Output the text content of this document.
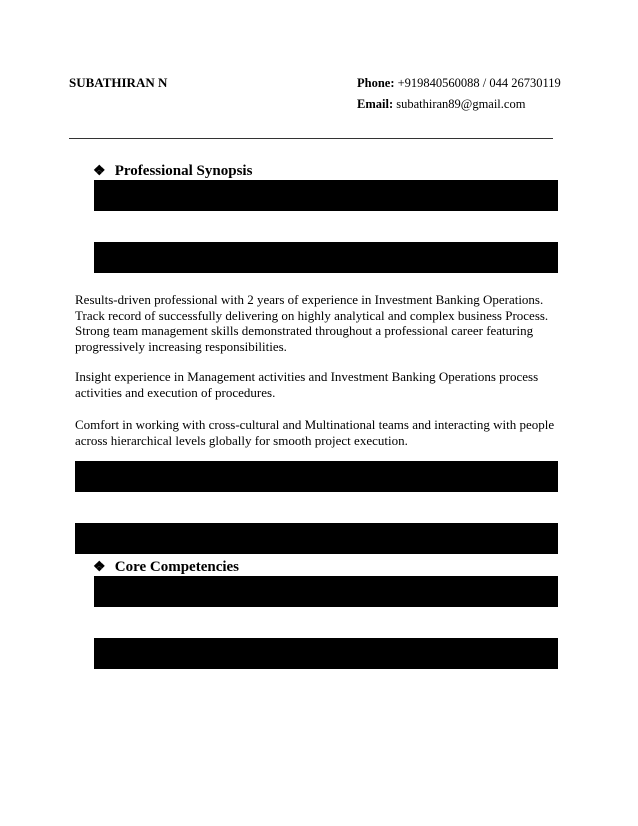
SUBATHIRAN N	Phone: +919840560088 / 044 26730119
Email: subathiran89@gmail.com
❖ Professional Synopsis
Results-driven professional with 2 years of experience in Investment Banking Operations. Track record of successfully delivering on highly analytical and complex business Process. Strong team management skills demonstrated throughout a professional career featuring progressively increasing responsibilities.
Insight experience in Management activities and Investment Banking Operations process activities and execution of procedures.
Comfort in working with cross-cultural and Multinational teams and interacting with people across hierarchical levels globally for smooth project execution.
❖ Core Competencies
